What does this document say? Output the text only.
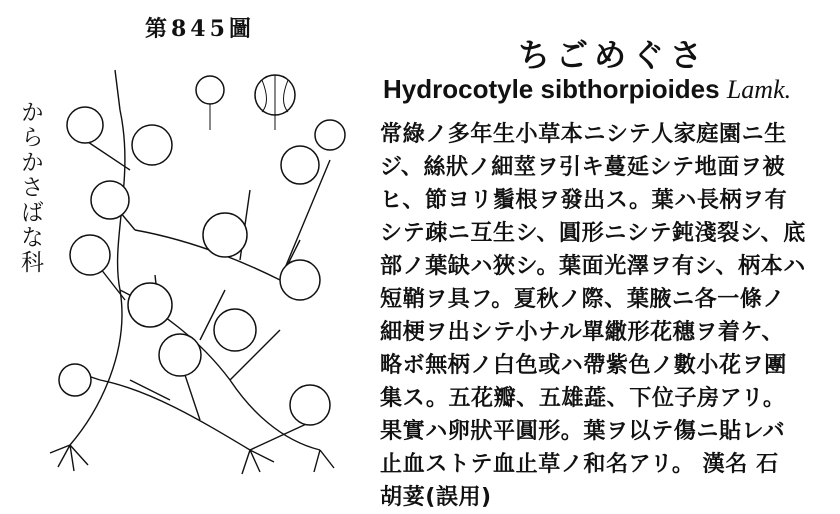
第845圖
からかさばな科
ちごめぐさ
Hydrocotyle sibthorpioides Lamk.
常綠ノ多年生小草本ニシテ人家庭園ニ生
ジ、絲狀ノ細莖ヲ引キ蔓延シテ地面ヲ被
ヒ、節ヨリ鬚根ヲ發出ス。葉ハ長柄ヲ有
シテ疎ニ互生シ、圓形ニシテ鈍淺裂シ、底
部ノ葉缺ハ狹シ。葉面光澤ヲ有シ、柄本ハ
短鞘ヲ具フ。夏秋ノ際、葉腋ニ各一條ノ
細梗ヲ出シテ小ナル單繖形花穗ヲ着ケ、
略ボ無柄ノ白色或ハ帶紫色ノ數小花ヲ團
集ス。五花瓣、五雄蕋、下位子房アリ。
果實ハ卵狀平圓形。葉ヲ以テ傷ニ貼レバ
止血ストテ血止草ノ和名アリ。 漢名 石
胡荽(誤用)
